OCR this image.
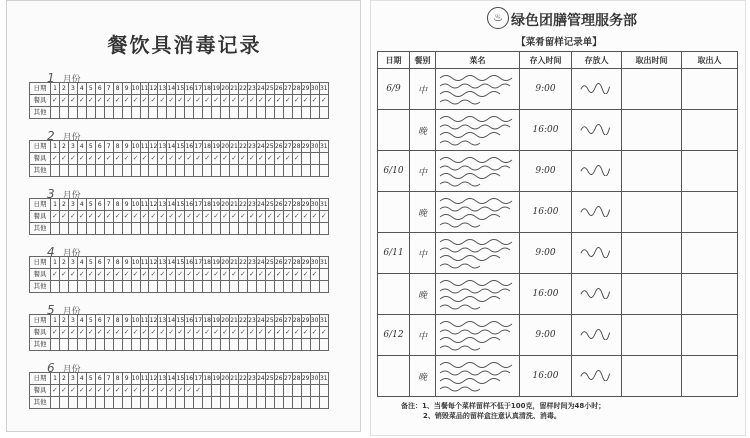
餐饮具消毒记录
1 月份
日期	1	2	3	4	5	6	7	8	9	10	11	12	13	14	15	16	17	18	19	20	21	22	23	24	25	26	27	28	29	30	31
餐具	✓	✓	✓	✓	✓	✓	✓	✓	✓	✓	✓	✓	✓	✓	✓	✓	✓	✓	✓	✓	✓	✓	✓	✓	✓	✓	✓	✓	✓	✓	✓
其他																															
2 月份
日期	1	2	3	4	5	6	7	8	9	10	11	12	13	14	15	16	17	18	19	20	21	22	23	24	25	26	27	28	29	30	31
餐具	✓	✓	✓	✓	✓	✓	✓	✓	✓	✓	✓	✓	✓	✓	✓	✓	✓	✓	✓	✓	✓	✓	✓	✓	✓	✓	✓	✓			
其他																															
3 月份
日期	1	2	3	4	5	6	7	8	9	10	11	12	13	14	15	16	17	18	19	20	21	22	23	24	25	26	27	28	29	30	31
餐具	✓	✓	✓	✓	✓	✓	✓	✓	✓	✓	✓	✓	✓	✓	✓	✓	✓	✓	✓	✓	✓	✓	✓	✓	✓	✓	✓	✓	✓	✓	✓
其他																															
4 月份
日期	1	2	3	4	5	6	7	8	9	10	11	12	13	14	15	16	17	18	19	20	21	22	23	24	25	26	27	28	29	30	31
餐具	✓	✓	✓	✓	✓	✓	✓	✓	✓	✓	✓	✓	✓	✓	✓	✓	✓	✓	✓	✓	✓	✓	✓	✓	✓	✓	✓	✓	✓	✓	
其他																															
5 月份
日期	1	2	3	4	5	6	7	8	9	10	11	12	13	14	15	16	17	18	19	20	21	22	23	24	25	26	27	28	29	30	31
餐具	✓	✓	✓	✓	✓	✓	✓	✓	✓	✓	✓	✓	✓	✓	✓	✓	✓	✓	✓	✓	✓	✓	✓	✓	✓	✓	✓	✓	✓	✓	✓
其他																															
6 月份
日期	1	2	3	4	5	6	7	8	9	10	11	12	13	14	15	16	17	18	19	20	21	22	23	24	25	26	27	28	29	30	31
餐具	✓	✓	✓	✓	✓	✓	✓	✓	✓	✓	✓	✓	✓	✓	✓	✓	✓														
其他																															
♨ 绿色团膳管理服务部
【菜肴留样记录单】
日期	餐别	菜名	存入时间	存放人	取出时间	取出人
6/9	中		9:00			
	晚		16:00			
6/10	中		9:00			
	晚		16:00			
6/11	中		9:00			
	晚		16:00			
6/12	中		9:00			
	晚		16:00			
备注：1、当餐每个菜样留样不低于100克，留样时间为48小时；
2、销毁菜品的留样盒注意认真清洗、消毒。
